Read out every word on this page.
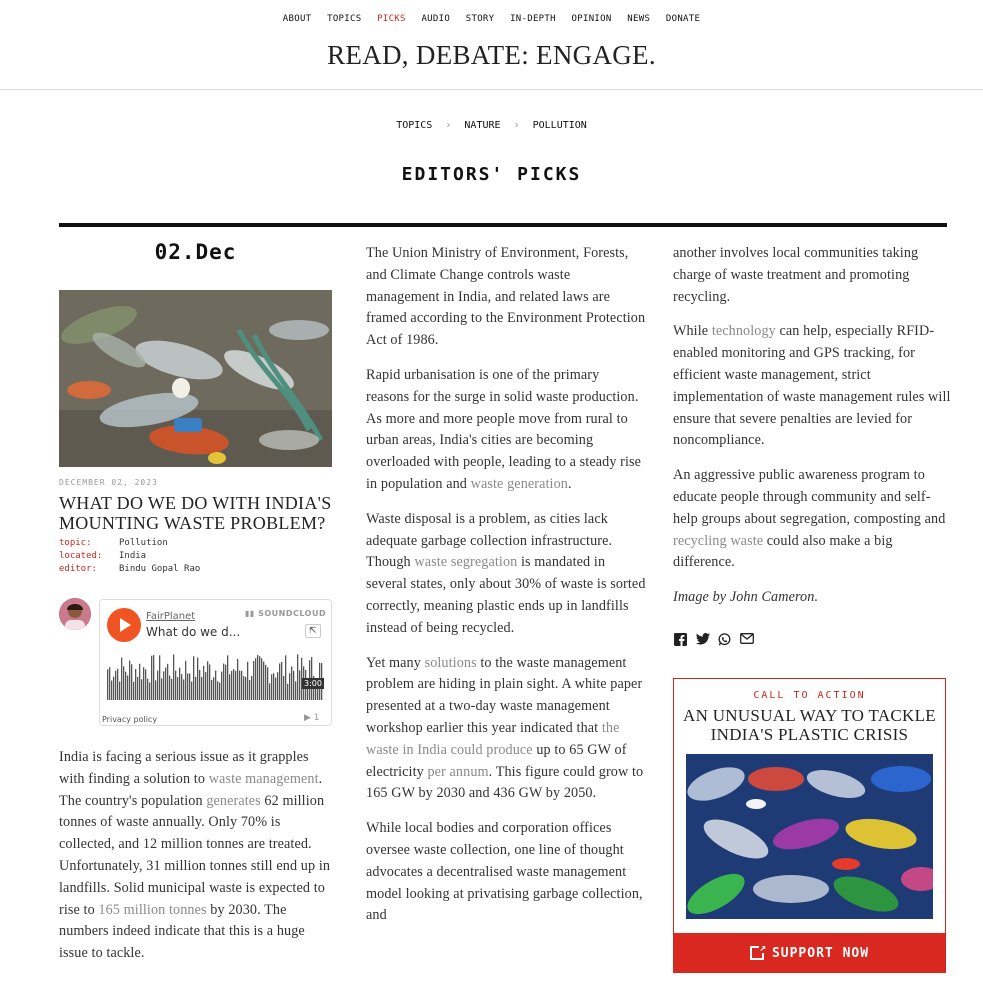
ABOUT TOPICS PICKS AUDIO STORY IN-DEPTH OPINION NEWS DONATE
READ, DEBATE: ENGAGE.
TOPICS › NATURE › POLLUTION
EDITORS' PICKS
02.Dec
DECEMBER 02, 2023
WHAT DO WE DO WITH INDIA'S MOUNTING WASTE PROBLEM?
topic:	Pollution
located:	India
editor:	Bindu Gopal Rao
FairPlanet
What do we d...
▮▮ SOUNDCLOUD
⇱
3:00
Privacy policy	▶ 1

India is facing a serious issue as it grapples with finding a solution to waste management. The country's population generates 62 million tonnes of waste annually. Only 70% is collected, and 12 million tonnes are treated. Unfortunately, 31 million tonnes still end up in landfills. Solid municipal waste is expected to rise to 165 million tonnes by 2030. The numbers indeed indicate that this is a huge issue to tackle.

The Union Ministry of Environment, Forests, and Climate Change controls waste management in India, and related laws are framed according to the Environment Protection Act of 1986.

Rapid urbanisation is one of the primary reasons for the surge in solid waste production. As more and more people move from rural to urban areas, India's cities are becoming overloaded with people, leading to a steady rise in population and waste generation.

Waste disposal is a problem, as cities lack adequate garbage collection infrastructure. Though waste segregation is mandated in several states, only about 30% of waste is sorted correctly, meaning plastic ends up in landfills instead of being recycled.

Yet many solutions to the waste management problem are hiding in plain sight. A white paper presented at a two-day waste management workshop earlier this year indicated that the waste in India could produce up to 65 GW of electricity per annum. This figure could grow to 165 GW by 2030 and 436 GW by 2050.

While local bodies and corporation offices oversee waste collection, one line of thought advocates a decentralised waste management model looking at privatising garbage collection, and

another involves local communities taking charge of waste treatment and promoting recycling.

While technology can help, especially RFID-enabled monitoring and GPS tracking, for efficient waste management, strict implementation of waste management rules will ensure that severe penalties are levied for noncompliance.

An aggressive public awareness program to educate people through community and self-help groups about segregation, composting and recycling waste could also make a big difference.

Image by John Cameron.

CALL TO ACTION
AN UNUSUAL WAY TO TACKLE INDIA'S PLASTIC CRISIS
↗
SUPPORT NOW
